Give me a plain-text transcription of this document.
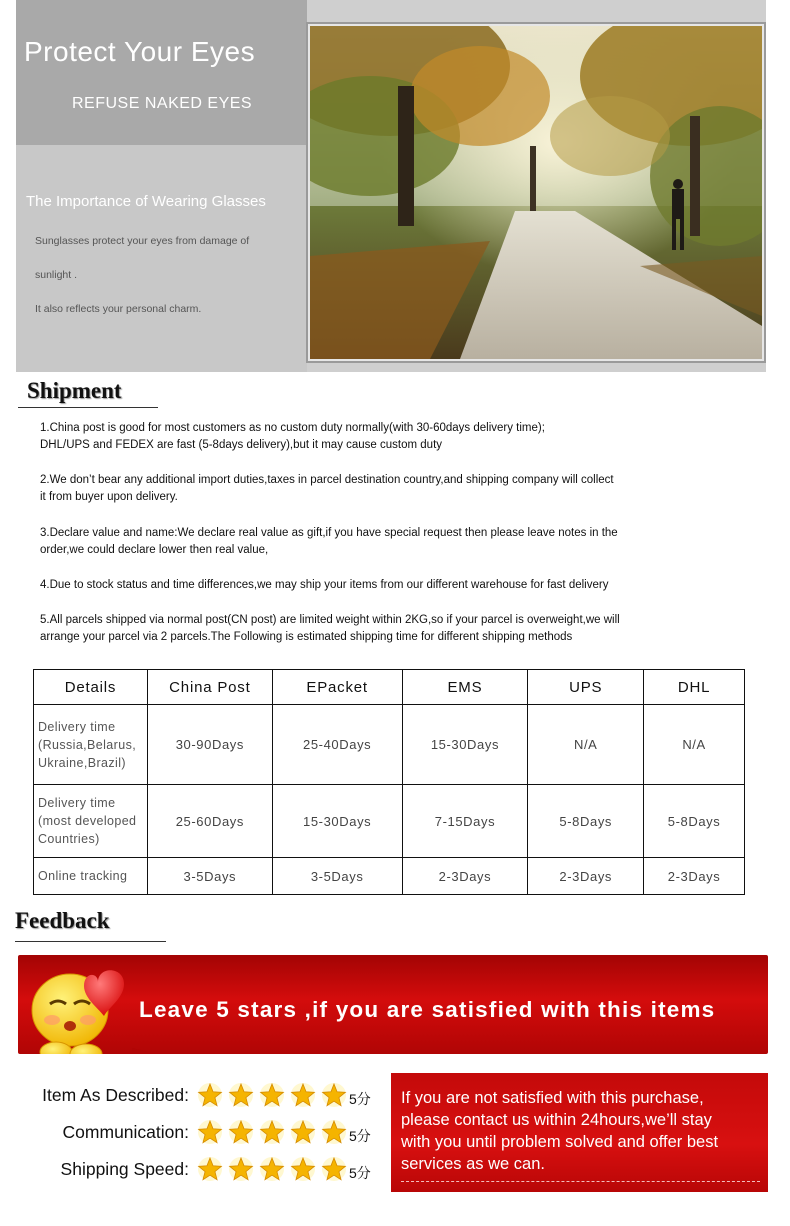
Protect Your Eyes
REFUSE NAKED EYES
The Importance of Wearing Glasses
Sunglasses protect your eyes from damage of
sunlight .
It also reflects your personal charm.
Shipment
1.China post is good for most customers as no custom duty normally(with 30-60days delivery time);
DHL/UPS and FEDEX are fast (5-8days delivery),but it may cause custom duty
2.We don’t bear any additional import duties,taxes in parcel destination country,and shipping company will collect
it from buyer upon delivery.
3.Declare value and name:We declare real value as gift,if you have special request then please leave notes in the
order,we could declare lower then real value,
4.Due to stock status and time differences,we may ship your items from our different warehouse for fast delivery
5.All parcels shipped via normal post(CN post) are limited weight within 2KG,so if your parcel is overweight,we will
arrange your parcel via 2 parcels.The Following is estimated shipping time for different shipping methods
Details	China Post	EPacket	EMS	UPS	DHL

Delivery time
(Russia,Belarus,
Ukraine,Brazil)	30-90Days	25-40Days	15-30Days	N/A	N/A

Delivery time
(most developed
Countries)	25-60Days	15-30Days	7-15Days	5-8Days	5-8Days

Online tracking	3-5Days	3-5Days	2-3Days	2-3Days	2-3Days
Feedback
Leave 5 stars ,if you are satisfied with this items
Item As Described:	5分
Communication:	5分
Shipping Speed:	5分
If you are not satisfied with this purchase,
please contact us within 24hours,we’ll stay
with you until problem solved and offer best
services as we can.
